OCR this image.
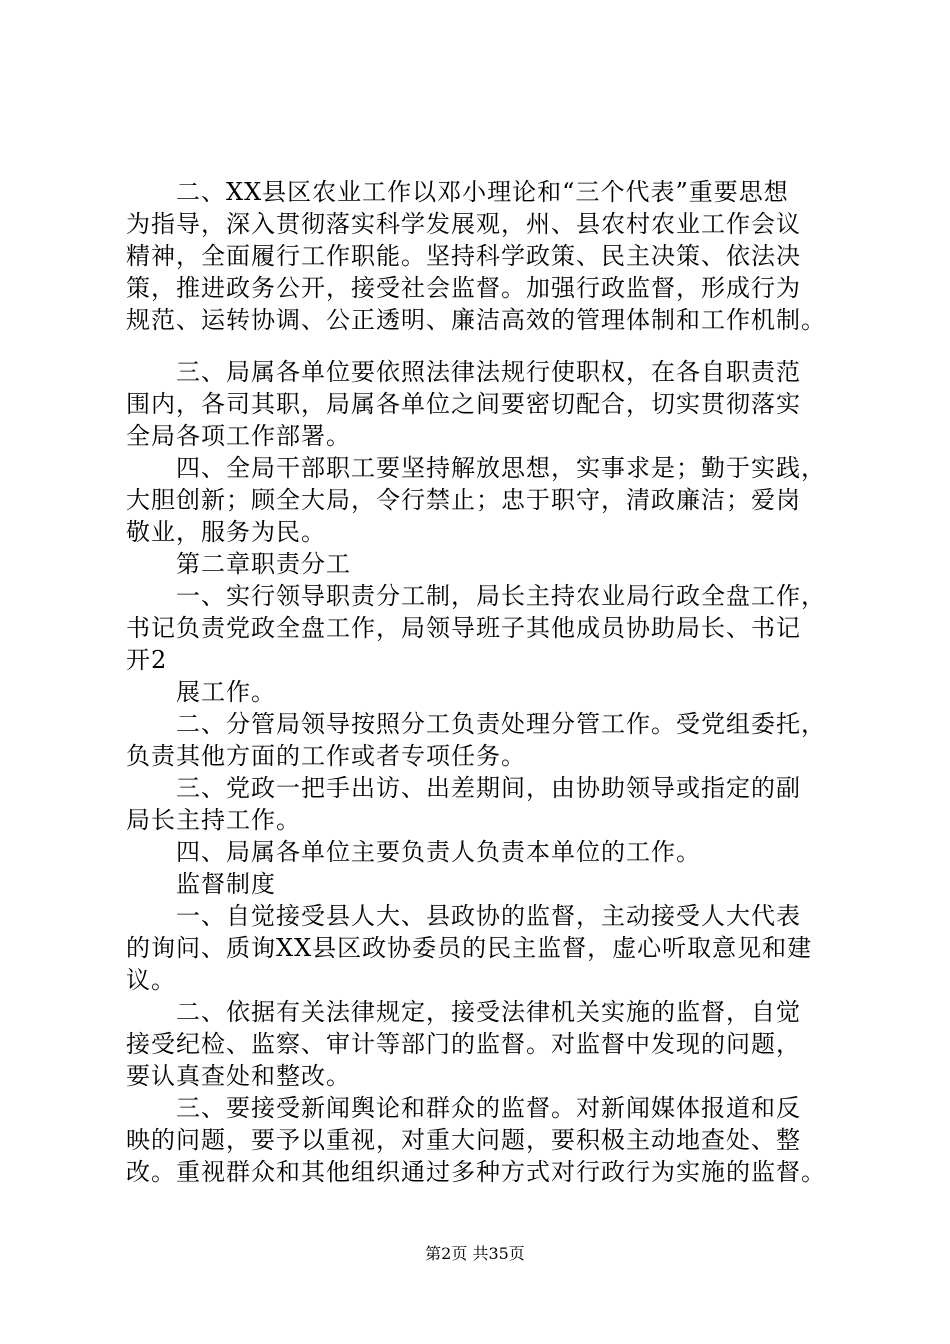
　　二、XX县区农业工作以邓小理论和“三个代表”重要思想
为指导，深入贯彻落实科学发展观，州、县农村农业工作会议
精神，全面履行工作职能。坚持科学政策、民主决策、依法决
策，推进政务公开，接受社会监督。加强行政监督，形成行为
规范、运转协调、公正透明、廉洁高效的管理体制和工作机制。
　　三、局属各单位要依照法律法规行使职权，在各自职责范
围内，各司其职，局属各单位之间要密切配合，切实贯彻落实
全局各项工作部署。
　　四、全局干部职工要坚持解放思想，实事求是；勤于实践，
大胆创新；顾全大局，令行禁止；忠于职守，清政廉洁；爱岗
敬业，服务为民。
　　第二章职责分工
　　一、实行领导职责分工制，局长主持农业局行政全盘工作，
书记负责党政全盘工作，局领导班子其他成员协助局长、书记
开2
　　展工作。
　　二、分管局领导按照分工负责处理分管工作。受党组委托，
负责其他方面的工作或者专项任务。
　　三、党政一把手出访、出差期间，由协助领导或指定的副
局长主持工作。
　　四、局属各单位主要负责人负责本单位的工作。
　　监督制度
　　一、自觉接受县人大、县政协的监督，主动接受人大代表
的询问、质询XX县区政协委员的民主监督，虚心听取意见和建
议。
　　二、依据有关法律规定，接受法律机关实施的监督，自觉
接受纪检、监察、审计等部门的监督。对监督中发现的问题，
要认真查处和整改。
　　三、要接受新闻舆论和群众的监督。对新闻媒体报道和反
映的问题，要予以重视，对重大问题，要积极主动地查处、整
改。重视群众和其他组织通过多种方式对行政行为实施的监督。
第2页 共35页
